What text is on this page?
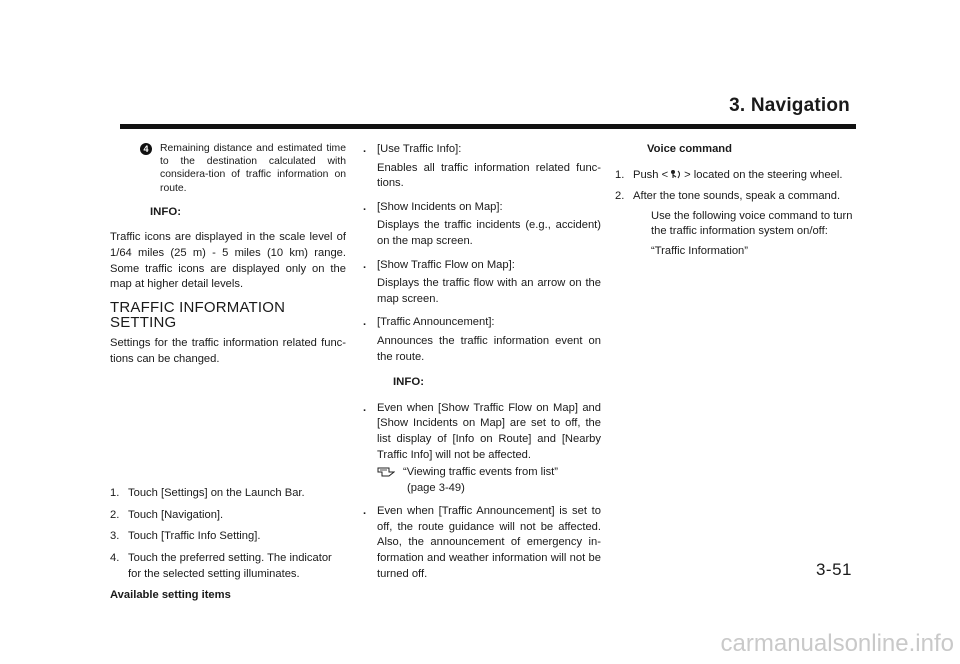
3. Navigation
4	Remaining distance and estimated time to the destination calculated with considera-tion of traffic information on route.
INFO:

Traffic icons are displayed in the scale level of 1/64 miles (25 m) - 5 miles (10 km) range. Some traffic icons are displayed only on the map at higher detail levels.

TRAFFIC INFORMATION SETTING

Settings for the traffic information related func-tions can be changed.

1. Touch [Settings] on the Launch Bar.
2. Touch [Navigation].
3. Touch [Traffic Info Setting].
4. Touch the preferred setting. The indicator for the selected setting illuminates.
Available setting items
. [Use Traffic Info]:
Enables all traffic information related func-tions.
. [Show Incidents on Map]:
Displays the traffic incidents (e.g., accident) on the map screen.
. [Show Traffic Flow on Map]:
Displays the traffic flow with an arrow on the map screen.
. [Traffic Announcement]:
Announces the traffic information event on the route.
INFO:
. Even when [Show Traffic Flow on Map] and [Show Incidents on Map] are set to off, the list display of [Info on Route] and [Nearby Traffic Info] will not be affected.
“Viewing traffic events from list”
(page 3-49)
. Even when [Traffic Announcement] is set to off, the route guidance will not be affected. Also, the announcement of emergency in-formation and weather information will not be turned off.
Voice command
1. Push < > located on the steering wheel.
2. After the tone sounds, speak a command.
Use the following voice command to turn the traffic information system on/off:
“Traffic Information”
3-51
carmanualsonline.info
